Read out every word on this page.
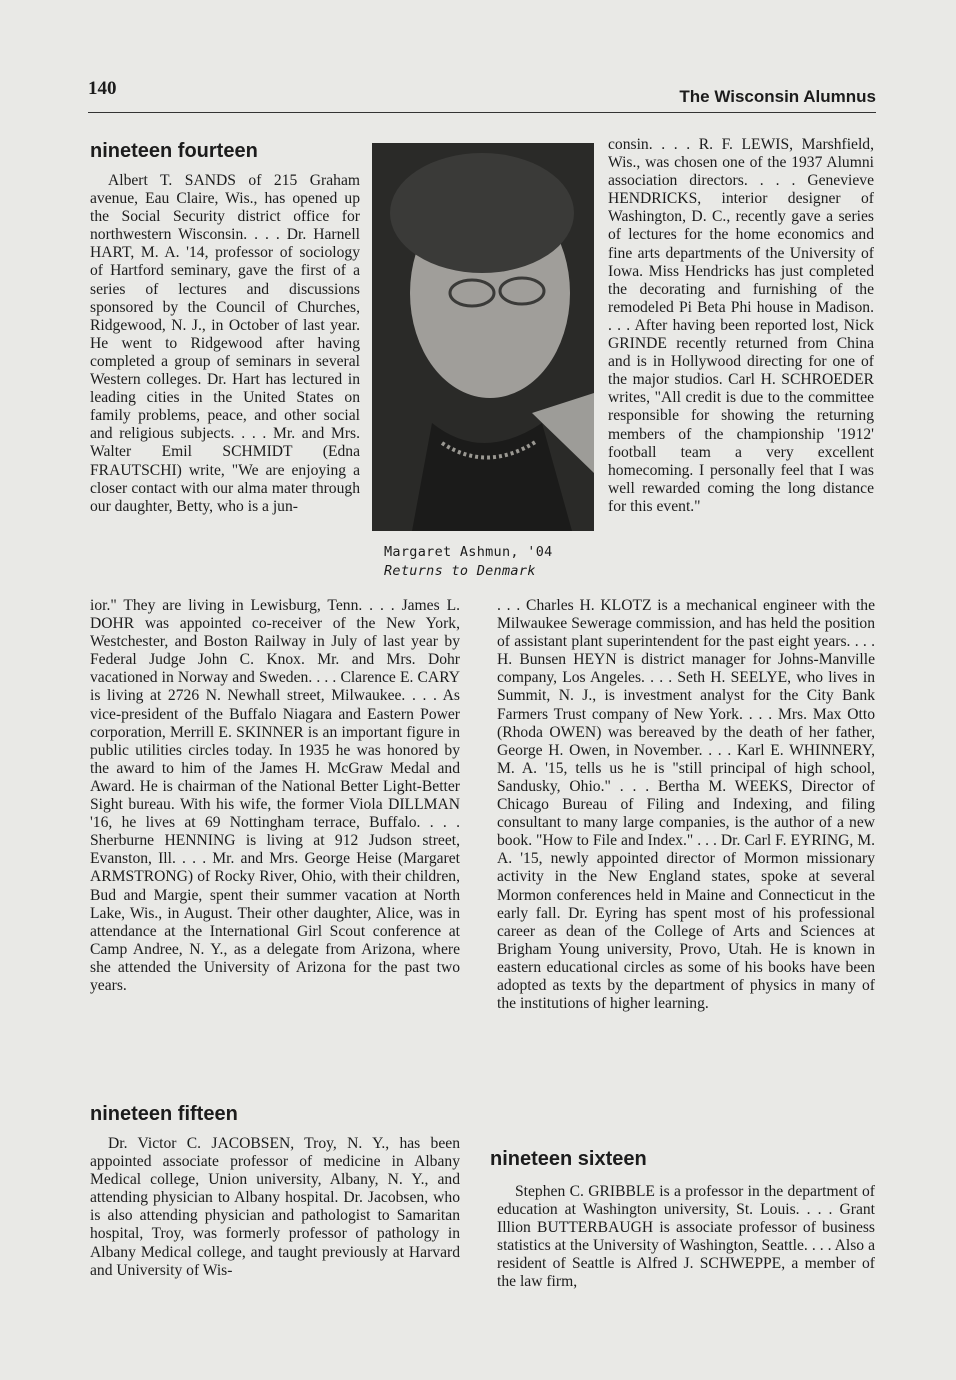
140	The Wisconsin Alumnus
nineteen fourteen

Albert T. SANDS of 215 Graham avenue, Eau Claire, Wis., has opened up the Social Security district office for northwestern Wisconsin. . . . Dr. Harnell HART, M. A. '14, professor of sociology of Hartford seminary, gave the first of a series of lectures and discussions sponsored by the Council of Churches, Ridgewood, N. J., in October of last year. He went to Ridgewood after having completed a group of seminars in several Western colleges. Dr. Hart has lectured in leading cities in the United States on family problems, peace, and other social and religious subjects. . . . Mr. and Mrs. Walter Emil SCHMIDT (Edna FRAUTSCHI) write, "We are enjoying a closer contact with our alma mater through our daughter, Betty, who is a jun-

Margaret Ashmun, '04
Returns to Denmark

consin. . . . R. F. LEWIS, Marshfield, Wis., was chosen one of the 1937 Alumni association directors. . . . Genevieve HENDRICKS, interior designer of Washington, D. C., recently gave a series of lectures for the home economics and fine arts departments of the University of Iowa. Miss Hendricks has just completed the decorating and furnishing of the remodeled Pi Beta Phi house in Madison. . . . After having been reported lost, Nick GRINDE recently returned from China and is in Hollywood directing for one of the major studios. Carl H. SCHROEDER writes, "All credit is due to the committee responsible for showing the returning members of the championship '1912' football team a very excellent homecoming. I personally feel that I was well rewarded coming the long distance for this event."

ior." They are living in Lewisburg, Tenn. . . . James L. DOHR was appointed co-receiver of the New York, Westchester, and Boston Railway in July of last year by Federal Judge John C. Knox. Mr. and Mrs. Dohr vacationed in Norway and Sweden. . . . Clarence E. CARY is living at 2726 N. Newhall street, Milwaukee. . . . As vice-president of the Buffalo Niagara and Eastern Power corporation, Merrill E. SKINNER is an important figure in public utilities circles today. In 1935 he was honored by the award to him of the James H. McGraw Medal and Award. He is chairman of the National Better Light-Better Sight bureau. With his wife, the former Viola DILLMAN '16, he lives at 69 Nottingham terrace, Buffalo. . . . Sherburne HENNING is living at 912 Judson street, Evanston, Ill. . . . Mr. and Mrs. George Heise (Margaret ARMSTRONG) of Rocky River, Ohio, with their children, Bud and Margie, spent their summer vacation at North Lake, Wis., in August. Their other daughter, Alice, was in attendance at the International Girl Scout conference at Camp Andree, N. Y., as a delegate from Arizona, where she attended the University of Arizona for the past two years.

. . . Charles H. KLOTZ is a mechanical engineer with the Milwaukee Sewerage commission, and has held the position of assistant plant superintendent for the past eight years. . . . H. Bunsen HEYN is district manager for Johns-Manville company, Los Angeles. . . . Seth H. SEELYE, who lives in Summit, N. J., is investment analyst for the City Bank Farmers Trust company of New York. . . . Mrs. Max Otto (Rhoda OWEN) was bereaved by the death of her father, George H. Owen, in November. . . . Karl E. WHINNERY, M. A. '15, tells us he is "still principal of high school, Sandusky, Ohio." . . . Bertha M. WEEKS, Director of Chicago Bureau of Filing and Indexing, and filing consultant to many large companies, is the author of a new book. "How to File and Index." . . . Dr. Carl F. EYRING, M. A. '15, newly appointed director of Mormon missionary activity in the New England states, spoke at several Mormon conferences held in Maine and Connecticut in the early fall. Dr. Eyring has spent most of his professional career as dean of the College of Arts and Sciences at Brigham Young university, Provo, Utah. He is known in eastern educational circles as some of his books have been adopted as texts by the department of physics in many of the institutions of higher learning.

nineteen fifteen

Dr. Victor C. JACOBSEN, Troy, N. Y., has been appointed associate professor of medicine in Albany Medical college, Union university, Albany, N. Y., and attending physician to Albany hospital. Dr. Jacobsen, who is also attending physician and pathologist to Samaritan hospital, Troy, was formerly professor of pathology in Albany Medical college, and taught previously at Harvard and University of Wis-

nineteen sixteen

Stephen C. GRIBBLE is a professor in the department of education at Washington university, St. Louis. . . . Grant Illion BUTTERBAUGH is associate professor of business statistics at the University of Washington, Seattle. . . . Also a resident of Seattle is Alfred J. SCHWEPPE, a member of the law firm,
